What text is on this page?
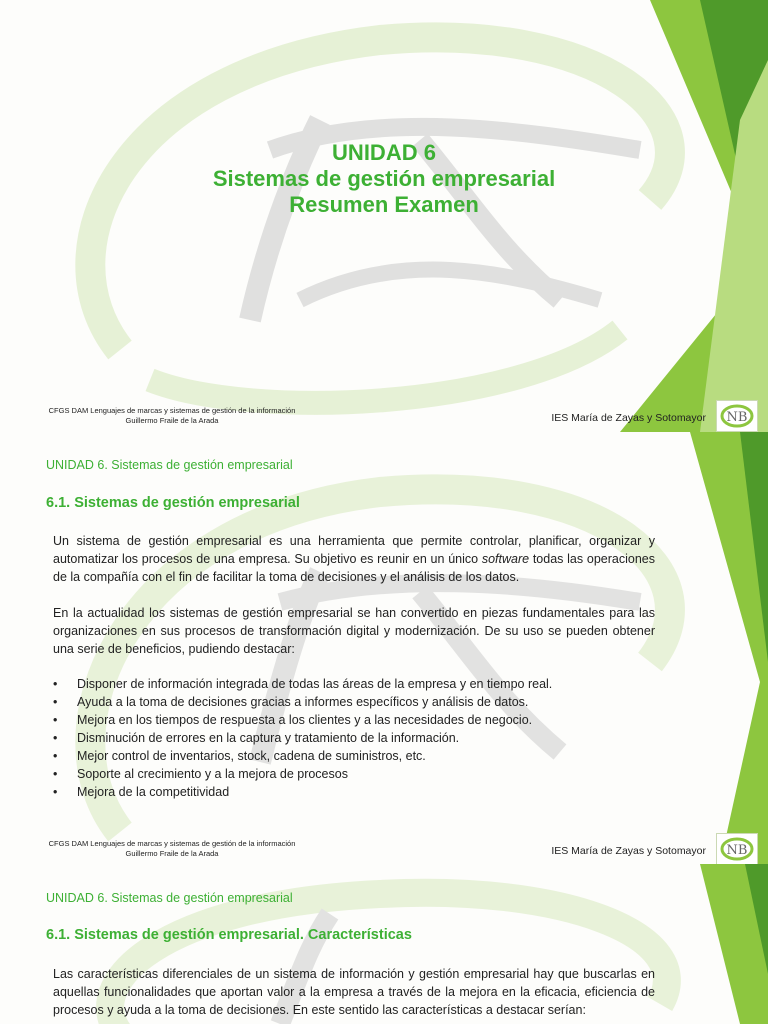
UNIDAD 6
Sistemas de gestión empresarial
Resumen Examen
CFGS DAM Lenguajes de marcas y sistemas de gestión de la información
Guillermo Fraile de la Arada	IES María de Zayas y Sotomayor NB
UNIDAD 6. Sistemas de gestión empresarial
6.1. Sistemas de gestión empresarial

Un sistema de gestión empresarial es una herramienta que permite controlar, planificar, organizar y automatizar los procesos de una empresa. Su objetivo es reunir en un único software todas las operaciones de la compañía con el fin de facilitar la toma de decisiones y el análisis de los datos.

En la actualidad los sistemas de gestión empresarial se han convertido en piezas fundamentales para las organizaciones en sus procesos de transformación digital y modernización. De su uso se pueden obtener una serie de beneficios, pudiendo destacar:

• Disponer de información integrada de todas las áreas de la empresa y en tiempo real.
• Ayuda a la toma de decisiones gracias a informes específicos y análisis de datos.
• Mejora en los tiempos de respuesta a los clientes y a las necesidades de negocio.
• Disminución de errores en la captura y tratamiento de la información.
• Mejor control de inventarios, stock, cadena de suministros, etc.
• Soporte al crecimiento y a la mejora de procesos
• Mejora de la competitividad
CFGS DAM Lenguajes de marcas y sistemas de gestión de la información
Guillermo Fraile de la Arada	IES María de Zayas y Sotomayor NB
UNIDAD 6. Sistemas de gestión empresarial
6.1. Sistemas de gestión empresarial. Características

Las características diferenciales de un sistema de información y gestión empresarial hay que buscarlas en aquellas funcionalidades que aportan valor a la empresa a través de la mejora en la eficacia, eficiencia de procesos y ayuda a la toma de decisiones. En este sentido las características a destacar serían:
